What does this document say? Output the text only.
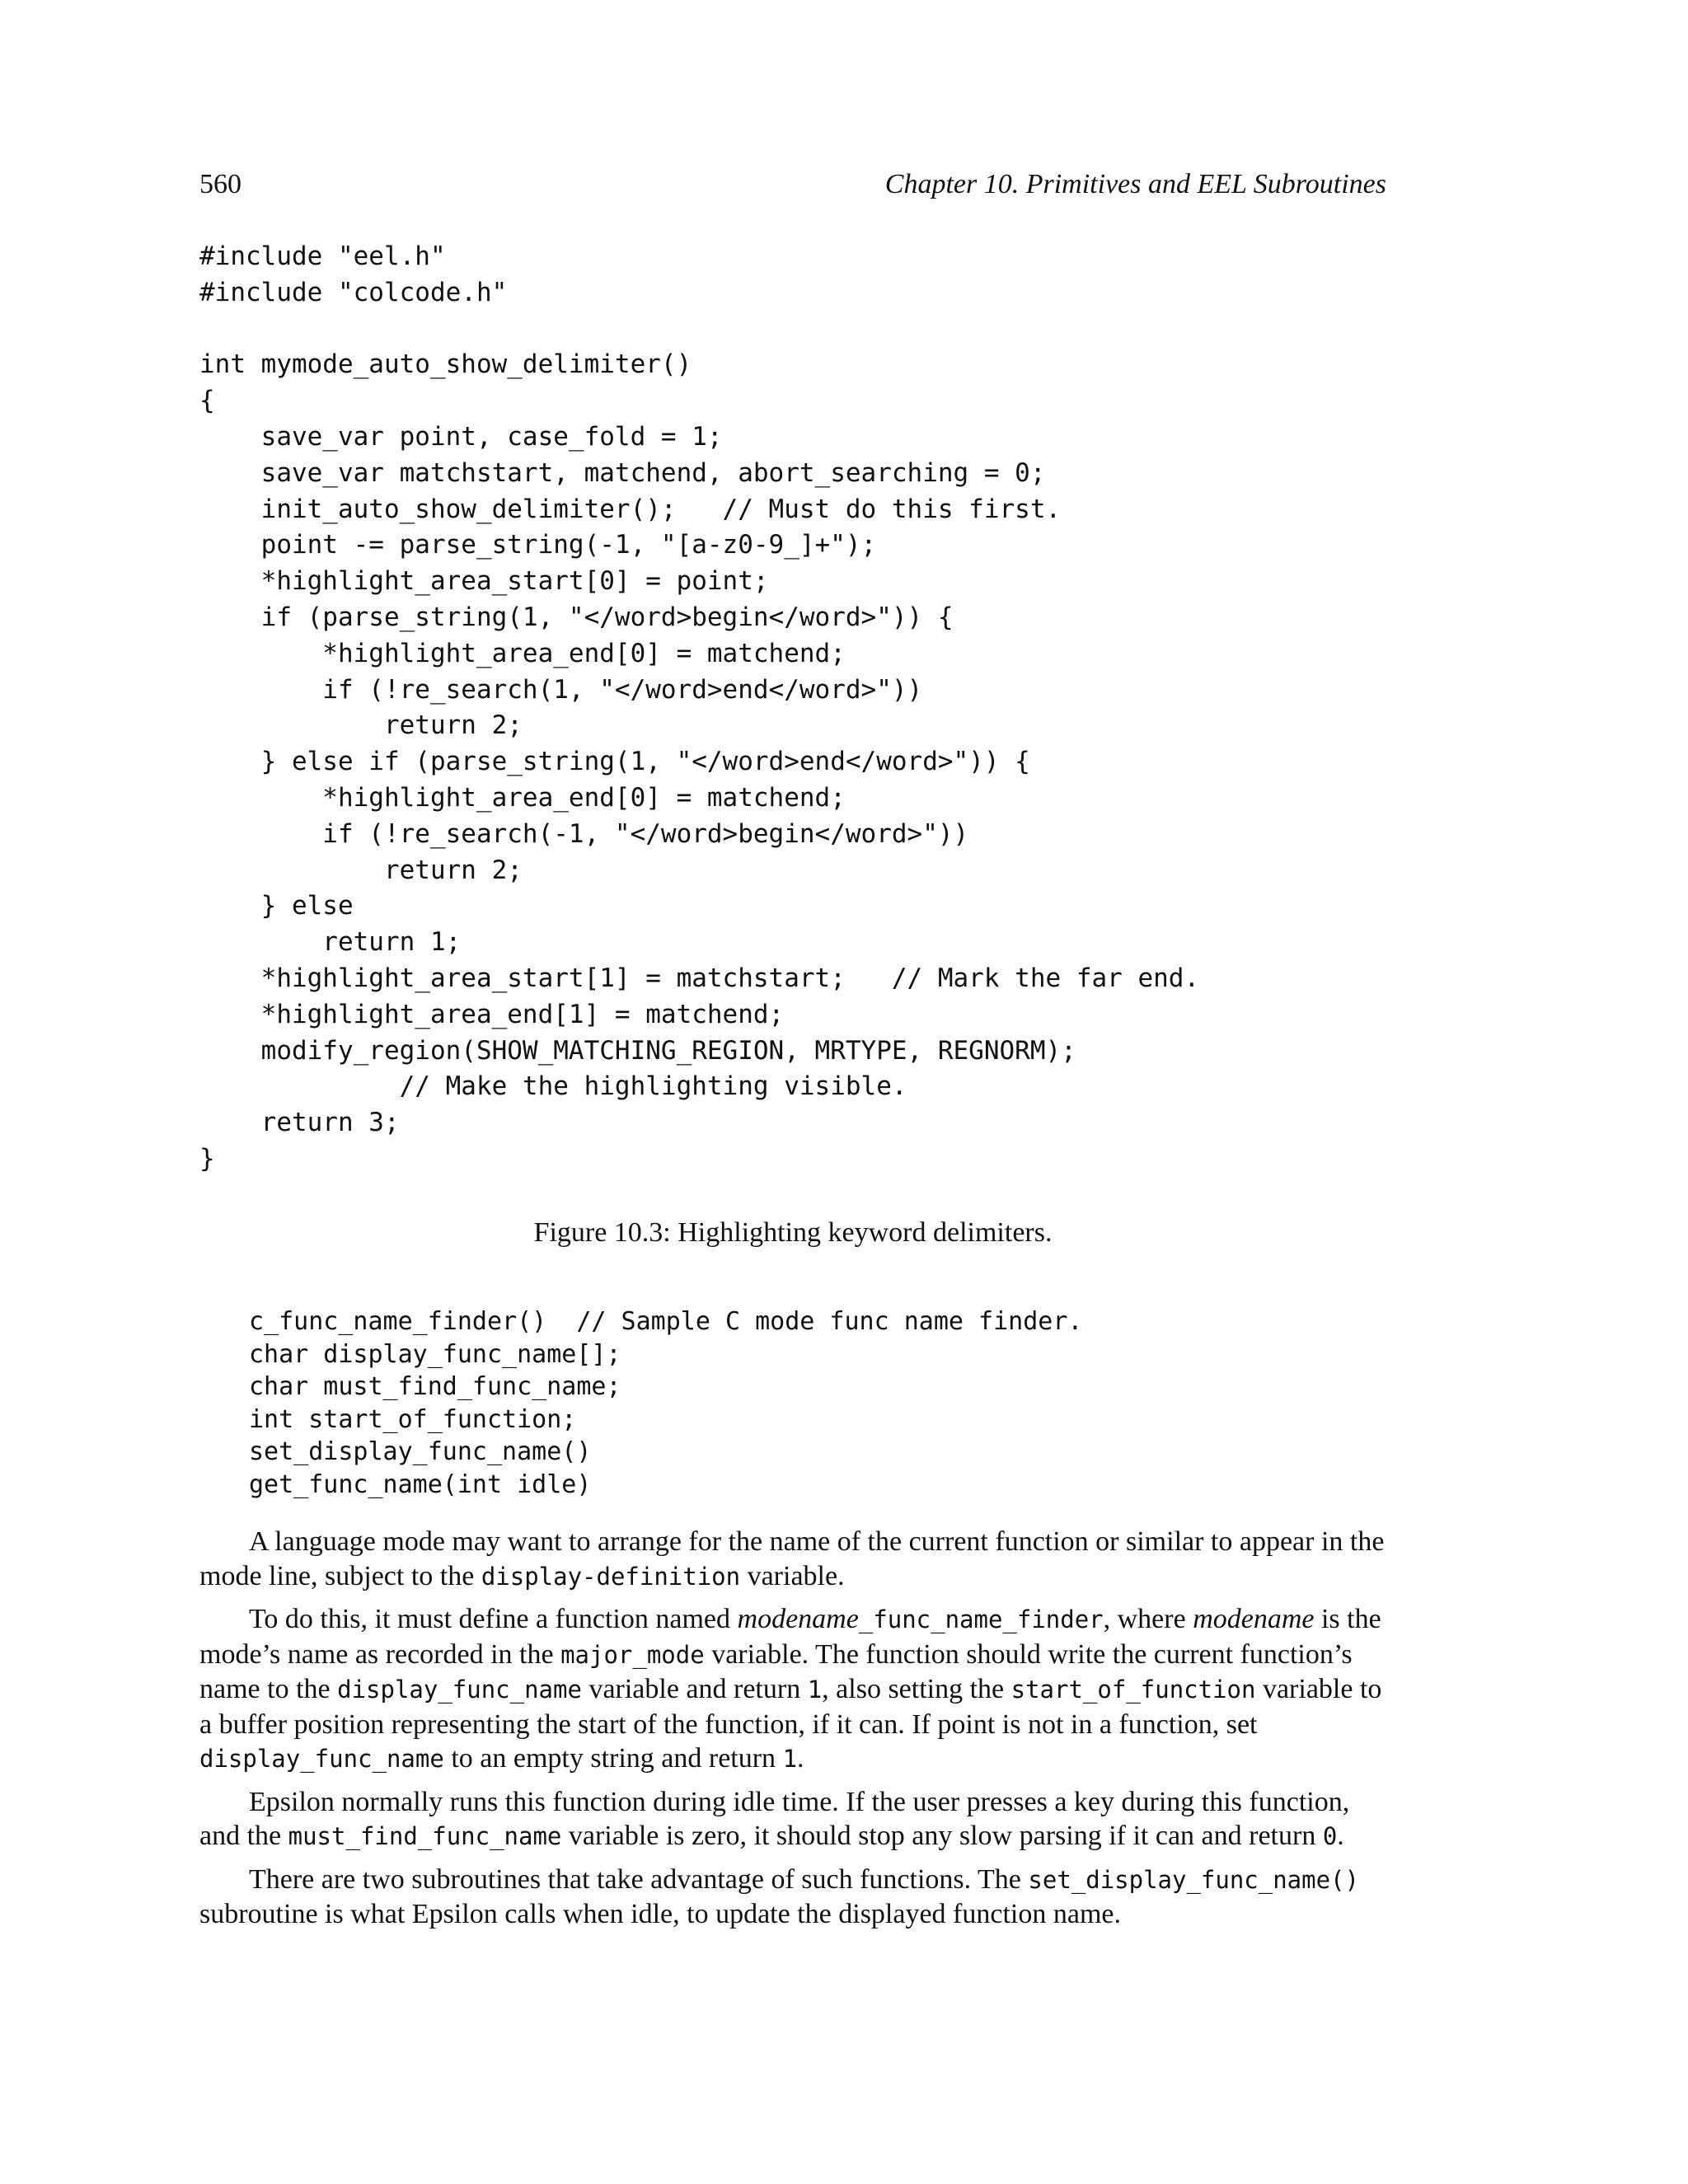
560	Chapter 10. Primitives and EEL Subroutines
#include "eel.h"
#include "colcode.h"
int mymode_auto_show_delimiter()
{
save_var point, case_fold = 1;
save_var matchstart, matchend, abort_searching = 0;
init_auto_show_delimiter();   // Must do this first.
point -= parse_string(-1, "[a-z0-9_]+");
*highlight_area_start[0] = point;
if (parse_string(1, "</word>begin</word>")) {
*highlight_area_end[0] = matchend;
if (!re_search(1, "</word>end</word>"))
return 2;
} else if (parse_string(1, "</word>end</word>")) {
*highlight_area_end[0] = matchend;
if (!re_search(-1, "</word>begin</word>"))
return 2;
} else
return 1;
*highlight_area_start[1] = matchstart;   // Mark the far end.
*highlight_area_end[1] = matchend;
modify_region(SHOW_MATCHING_REGION, MRTYPE, REGNORM);
// Make the highlighting visible.
return 3;
}
Figure 10.3: Highlighting keyword delimiters.
c_func_name_finder()  // Sample C mode func name finder.
char display_func_name[];
char must_find_func_name;
int start_of_function;
set_display_func_name()
get_func_name(int idle)

A language mode may want to arrange for the name of the current function or similar to appear in the mode line, subject to the display-definition variable.

To do this, it must define a function named modename_func_name_finder, where modename is the mode’s name as recorded in the major_mode variable. The function should write the current function’s name to the display_func_name variable and return 1, also setting the start_of_function variable to a buffer position representing the start of the function, if it can. If point is not in a function, set display_func_name to an empty string and return 1.

Epsilon normally runs this function during idle time. If the user presses a key during this function, and the must_find_func_name variable is zero, it should stop any slow parsing if it can and return 0.

There are two subroutines that take advantage of such functions. The set_display_func_name() subroutine is what Epsilon calls when idle, to update the displayed function name.
